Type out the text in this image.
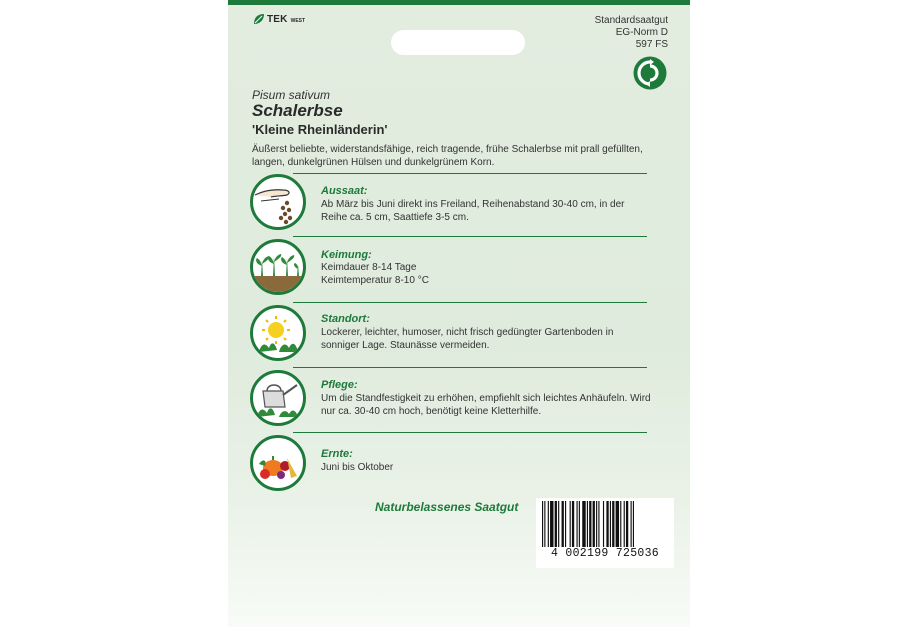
TEK WEST	Standardsaatgut
EG-Norm D
597 FS
Pisum sativum
Schalerbse
'Kleine Rheinländerin'
Äußerst beliebte, widerstandsfähige, reich tragende, frühe Schalerbse mit prall gefüllten, langen, dunkelgrünen Hülsen und dunkelgrünem Korn.
Aussaat:
Ab März bis Juni direkt ins Freiland, Reihenabstand 30-40 cm, in der Reihe ca. 5 cm, Saattiefe 3-5 cm.
Keimung:
Keimdauer 8-14 Tage
Keimtemperatur 8-10 °C
Standort:
Lockerer, leichter, humoser, nicht frisch gedüngter Gartenboden in sonniger Lage. Staunässe vermeiden.
Pflege:
Um die Standfestigkeit zu erhöhen, empfiehlt sich leichtes Anhäufeln. Wird nur ca. 30-40 cm hoch, benötigt keine Kletterhilfe.
Ernte:
Juni bis Oktober
Naturbelassenes Saatgut
4 002199 725036
